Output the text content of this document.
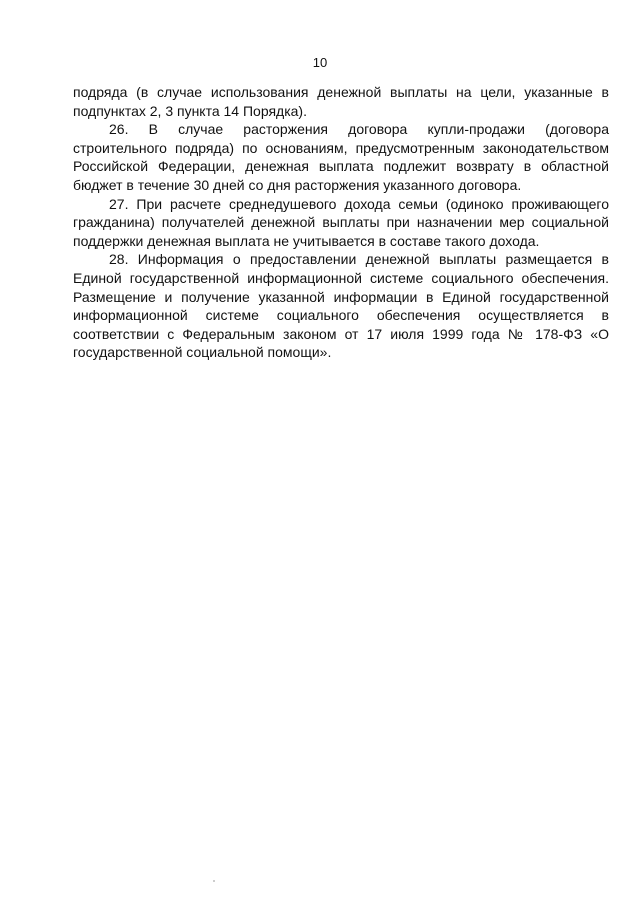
10

подряда (в случае использования денежной выплаты на цели, указанные в подпунктах 2, 3 пункта 14 Порядка).

26. В случае расторжения договора купли-продажи (договора строительного подряда) по основаниям, предусмотренным законодательством Российской Федерации, денежная выплата подлежит возврату в областной бюджет в течение 30 дней со дня расторжения указанного договора.

27. При расчете среднедушевого дохода семьи (одиноко проживающего гражданина) получателей денежной выплаты при назначении мер социальной поддержки денежная выплата не учитывается в составе такого дохода.

28. Информация о предоставлении денежной выплаты размещается в Единой государственной информационной системе социального обеспечения. Размещение и получение указанной информации в Единой государственной информационной системе социального обеспечения осуществляется в соответствии с Федеральным законом от 17 июля 1999 года № 178-ФЗ «О государственной социальной помощи».
